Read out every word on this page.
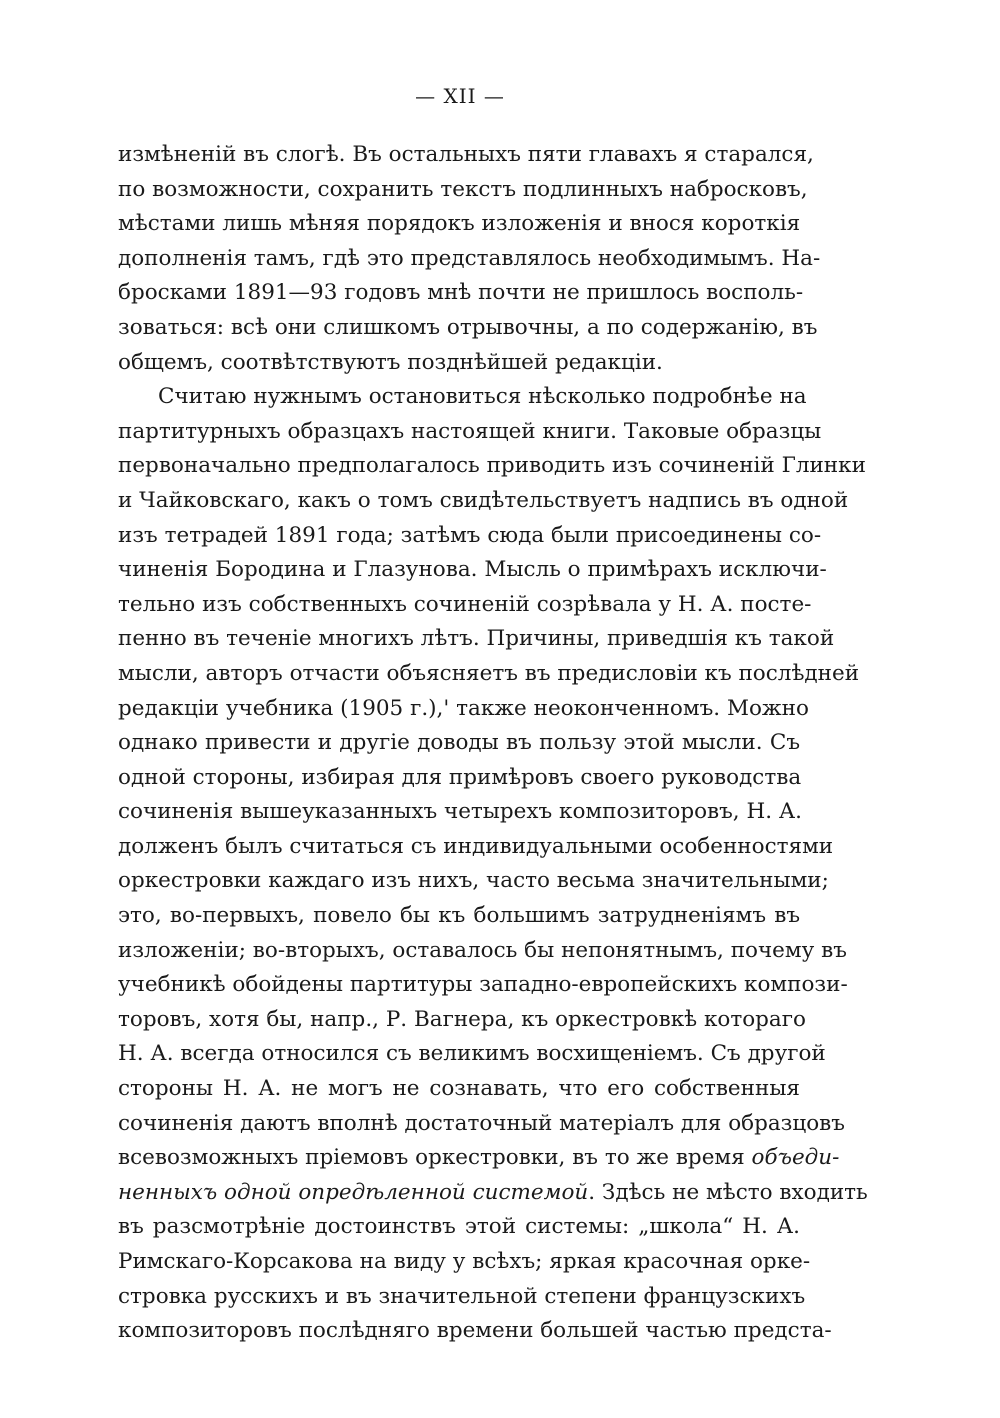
— XII —
измѣненій въ слогѣ. Въ остальныхъ пяти главахъ я старался,
по возможности, сохранить текстъ подлинныхъ набросковъ,
мѣстами лишь мѣняя порядокъ изложенія и внося короткія
дополненія тамъ, гдѣ это представлялось необходимымъ. На-
бросками 1891—93 годовъ мнѣ почти не пришлось восполь-
зоваться: всѣ они слишкомъ отрывочны, а по содержанію, въ
общемъ, соотвѣтствуютъ позднѣйшей редакціи.
Считаю нужнымъ остановиться нѣсколько подробнѣе на
партитурныхъ образцахъ настоящей книги. Таковые образцы
первоначально предполагалось приводить изъ сочиненій Глинки
и Чайковскаго, какъ о томъ свидѣтельствуетъ надпись въ одной
изъ тетрадей 1891 года; затѣмъ сюда были присоединены со-
чиненія Бородина и Глазунова. Мысль о примѣрахъ исключи-
тельно изъ собственныхъ сочиненій созрѣвала у Н. А. посте-
пенно въ теченіе многихъ лѣтъ. Причины, приведшія къ такой
мысли, авторъ отчасти объясняетъ въ предисловіи къ послѣдней
редакціи учебника (1905 г.),' также неоконченномъ. Можно
однако привести и другіе доводы въ пользу этой мысли. Съ
одной стороны, избирая для примѣровъ своего руководства
сочиненія вышеуказанныхъ четырехъ композиторовъ, Н. А.
долженъ былъ считаться съ индивидуальными особенностями
оркестровки каждаго изъ нихъ, часто весьма значительными;
это, во-первыхъ, повело бы къ большимъ затрудненіямъ въ
изложеніи; во-вторыхъ, оставалось бы непонятнымъ, почему въ
учебникѣ обойдены партитуры западно-европейскихъ компози-
торовъ, хотя бы, напр., Р. Вагнера, къ оркестровкѣ котораго
Н. А. всегда относился съ великимъ восхищеніемъ. Съ другой
стороны Н. А. не могъ не сознавать, что его собственныя
сочиненія даютъ вполнѣ достаточный матеріалъ для образцовъ
всевозможныхъ пріемовъ оркестровки, въ то же время объеди-
ненныхъ одной опредѣленной системой. Здѣсь не мѣсто входить
въ разсмотрѣніе достоинствъ этой системы: „школа“ Н. А.
Римскаго-Корсакова на виду у всѣхъ; яркая красочная орке-
стровка русскихъ и въ значительной степени французскихъ
композиторовъ послѣдняго времени большей частью предста-
